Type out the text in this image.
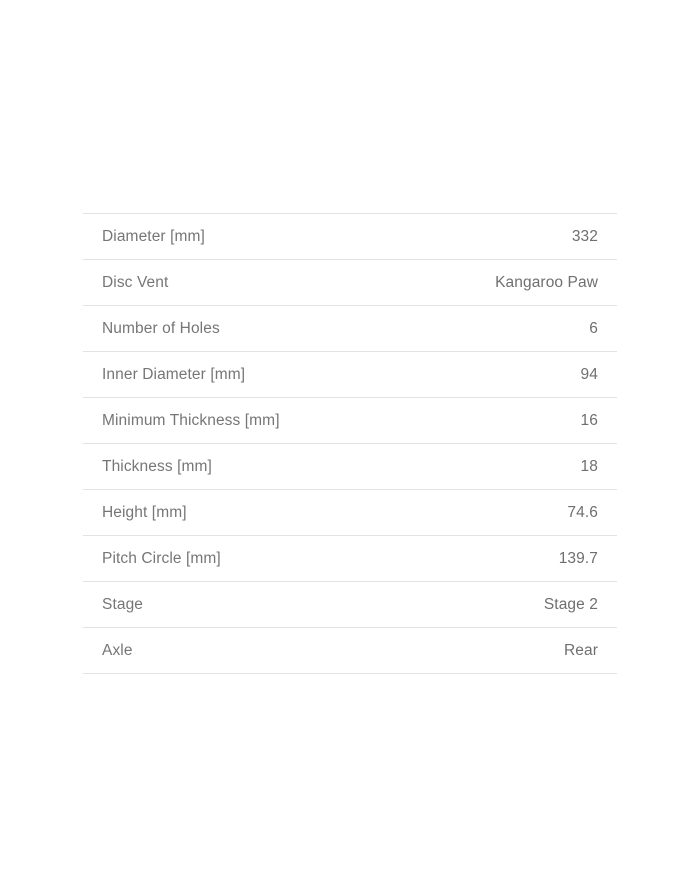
Diameter [mm]	332
Disc Vent	Kangaroo Paw
Number of Holes	6
Inner Diameter [mm]	94
Minimum Thickness [mm]	16
Thickness [mm]	18
Height [mm]	74.6
Pitch Circle [mm]	139.7
Stage	Stage 2
Axle	Rear
